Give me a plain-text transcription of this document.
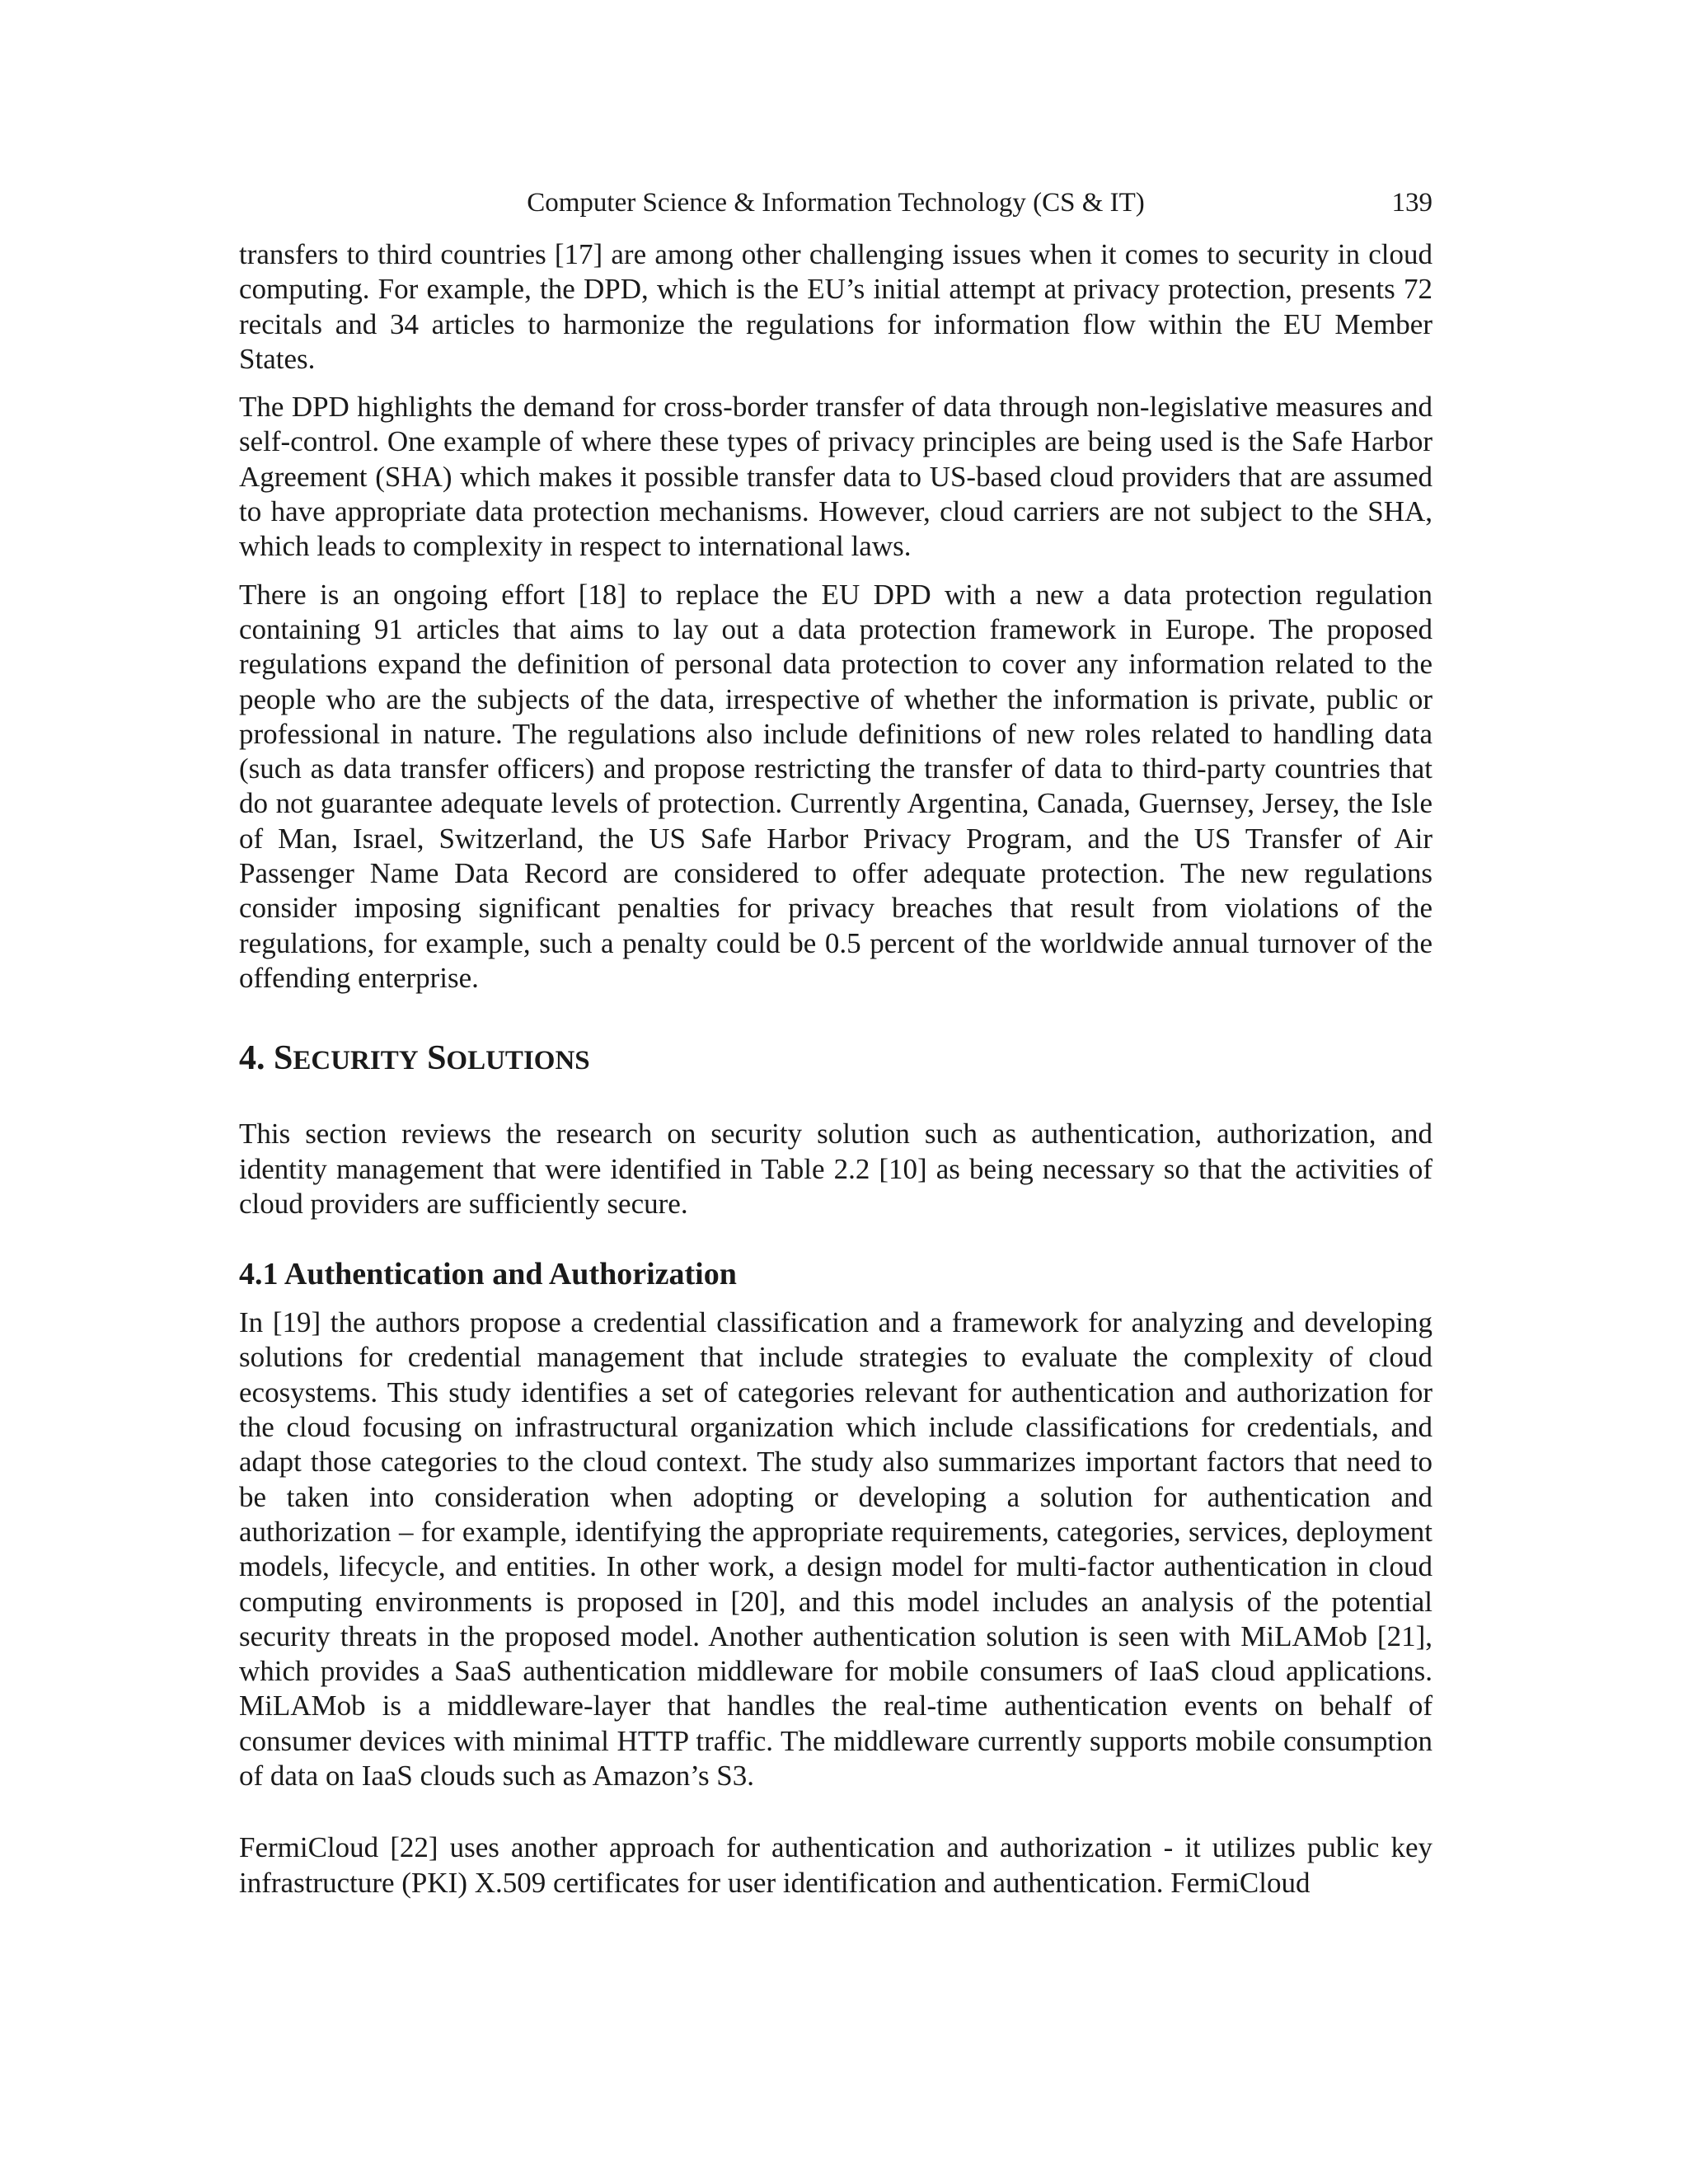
Computer Science & Information Technology (CS & IT)	139

transfers to third countries [17] are among other challenging issues when it comes to security in cloud computing. For example, the DPD, which is the EU’s initial attempt at privacy protection, presents 72 recitals and 34 articles to harmonize the regulations for information flow within the EU Member States.

The DPD highlights the demand for cross-border transfer of data through non-legislative measures and self-control. One example of where these types of privacy principles are being used is the Safe Harbor Agreement (SHA) which makes it possible transfer data to US-based cloud providers that are assumed to have appropriate data protection mechanisms. However, cloud carriers are not subject to the SHA, which leads to complexity in respect to international laws.

There is an ongoing effort [18] to replace the EU DPD with a new a data protection regulation containing 91 articles that aims to lay out a data protection framework in Europe. The proposed regulations expand the definition of personal data protection to cover any information related to the people who are the subjects of the data, irrespective of whether the information is private, public or professional in nature. The regulations also include definitions of new roles related to handling data (such as data transfer officers) and propose restricting the transfer of data to third-party countries that do not guarantee adequate levels of protection. Currently Argentina, Canada, Guernsey, Jersey, the Isle of Man, Israel, Switzerland, the US Safe Harbor Privacy Program, and the US Transfer of Air Passenger Name Data Record are considered to offer adequate protection. The new regulations consider imposing significant penalties for privacy breaches that result from violations of the regulations, for example, such a penalty could be 0.5 percent of the worldwide annual turnover of the offending enterprise.

4. SECURITY SOLUTIONS

This section reviews the research on security solution such as authentication, authorization, and identity management that were identified in Table 2.2 [10] as being necessary so that the activities of cloud providers are sufficiently secure.

4.1 Authentication and Authorization

In [19] the authors propose a credential classification and a framework for analyzing and developing solutions for credential management that include strategies to evaluate the complexity of cloud ecosystems. This study identifies a set of categories relevant for authentication and authorization for the cloud focusing on infrastructural organization which include classifications for credentials, and adapt those categories to the cloud context. The study also summarizes important factors that need to be taken into consideration when adopting or developing a solution for authentication and authorization – for example, identifying the appropriate requirements, categories, services, deployment models, lifecycle, and entities. In other work, a design model for multi-factor authentication in cloud computing environments is proposed in [20], and this model includes an analysis of the potential security threats in the proposed model. Another authentication solution is seen with MiLAMob [21], which provides a SaaS authentication middleware for mobile consumers of IaaS cloud applications. MiLAMob is a middleware-layer that handles the real-time authentication events on behalf of consumer devices with minimal HTTP traffic. The middleware currently supports mobile consumption of data on IaaS clouds such as Amazon’s S3.

FermiCloud [22] uses another approach for authentication and authorization - it utilizes public key infrastructure (PKI) X.509 certificates for user identification and authentication. FermiCloud
